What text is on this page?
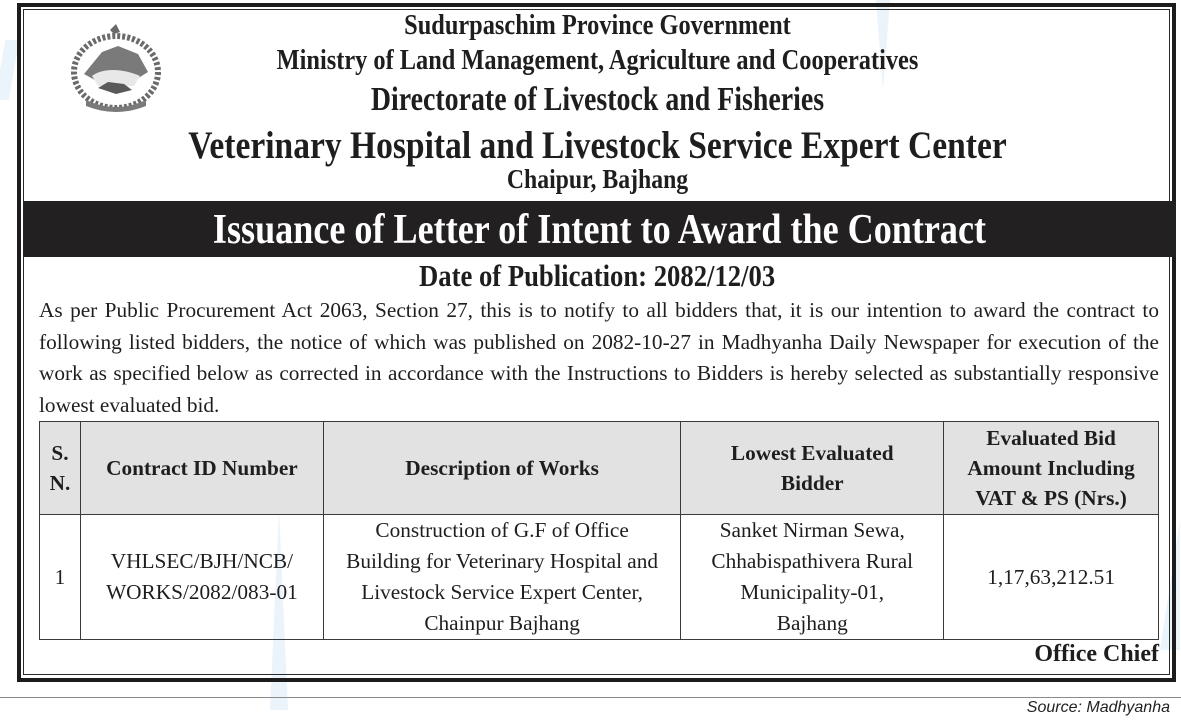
Sudurpaschim Province Government
Ministry of Land Management, Agriculture and Cooperatives
Directorate of Livestock and Fisheries
Veterinary Hospital and Livestock Service Expert Center
Chaipur, Bajhang
Issuance of Letter of Intent to Award the Contract
Date of Publication: 2082/12/03

As per Public Procurement Act 2063, Section 27, this is to notify to all bidders that, it is our intention to award the contract to following listed bidders, the notice of which was published on 2082-10-27 in Madhyanha Daily Newspaper for execution of the work as specified below as corrected in accordance with the Instructions to Bidders is hereby selected as substantially responsive lowest evaluated bid.

S. N.	Contract ID Number	Description of Works	Lowest Evaluated Bidder	Evaluated Bid Amount Including VAT & PS (Nrs.)
1	VHLSEC/BJH/NCB/ WORKS/2082/083-01	Construction of G.F of Office Building for Veterinary Hospital and Livestock Service Expert Center, Chainpur Bajhang	Sanket Nirman Sewa, Chhabispathivera Rural Municipality-01, Bajhang	1,17,63,212.51
Office Chief
Source: Madhyanha
